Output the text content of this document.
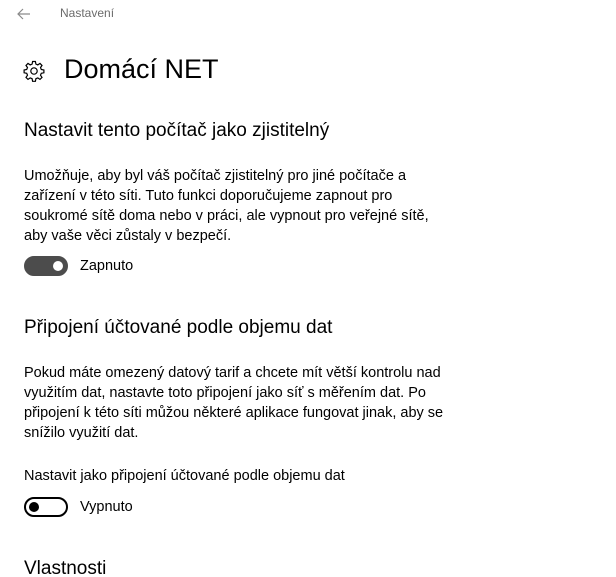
Nastavení
Domácí NET
Nastavit tento počítač jako zjistitelný
Umožňuje, aby byl váš počítač zjistitelný pro jiné počítače a
zařízení v této síti. Tuto funkci doporučujeme zapnout pro
soukromé sítě doma nebo v práci, ale vypnout pro veřejné sítě,
aby vaše věci zůstaly v bezpečí.
Zapnuto
Připojení účtované podle objemu dat
Pokud máte omezený datový tarif a chcete mít větší kontrolu nad
využitím dat, nastavte toto připojení jako síť s měřením dat. Po
připojení k této síti můžou některé aplikace fungovat jinak, aby se
snížilo využití dat.
Nastavit jako připojení účtované podle objemu dat
Vypnuto
Vlastnosti
